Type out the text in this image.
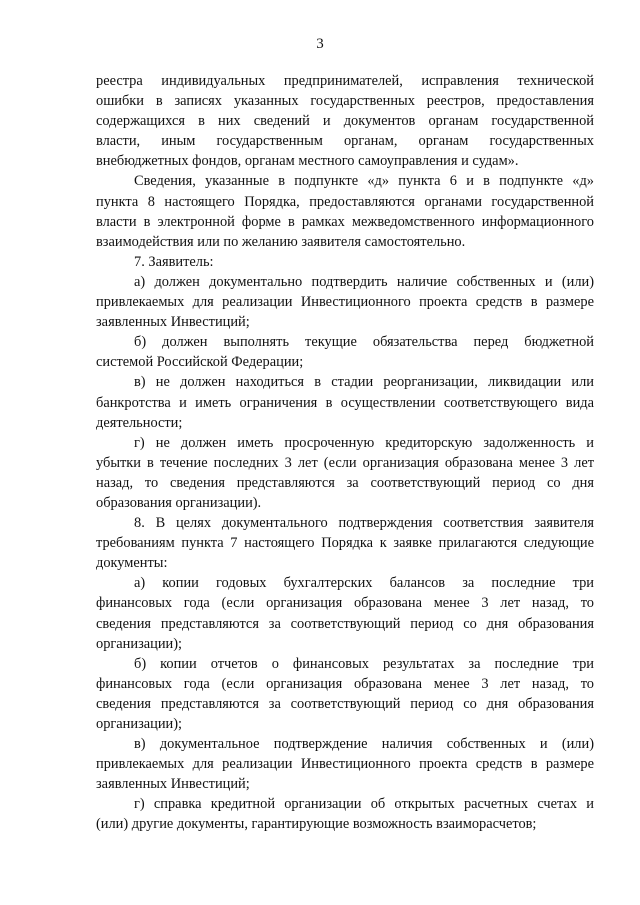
3
реестра индивидуальных предпринимателей, исправления технической
ошибки в записях указанных государственных реестров, предоставления
содержащихся в них сведений и документов органам государственной
власти, иным государственным органам, органам государственных
внебюджетных фондов, органам местного самоуправления и судам».
Сведения, указанные в подпункте «д» пункта 6 и в подпункте «д»
пункта 8 настоящего Порядка, предоставляются органами государственной
власти в электронной форме в рамках межведомственного информационного
взаимодействия или по желанию заявителя самостоятельно.
7. Заявитель:
а) должен документально подтвердить наличие собственных и (или)
привлекаемых для реализации Инвестиционного проекта средств в размере
заявленных Инвестиций;
б) должен выполнять текущие обязательства перед бюджетной
системой Российской Федерации;
в) не должен находиться в стадии реорганизации, ликвидации или
банкротства и иметь ограничения в осуществлении соответствующего вида
деятельности;
г) не должен иметь просроченную кредиторскую задолженность и
убытки в течение последних 3 лет (если организация образована менее 3 лет
назад, то сведения представляются за соответствующий период со дня
образования организации).
8. В целях документального подтверждения соответствия заявителя
требованиям пункта 7 настоящего Порядка к заявке прилагаются следующие
документы:
а) копии годовых бухгалтерских балансов за последние три
финансовых года (если организация образована менее 3 лет назад, то
сведения представляются за соответствующий период со дня образования
организации);
б) копии отчетов о финансовых результатах за последние три
финансовых года (если организация образована менее 3 лет назад, то
сведения представляются за соответствующий период со дня образования
организации);
в) документальное подтверждение наличия собственных и (или)
привлекаемых для реализации Инвестиционного проекта средств в размере
заявленных Инвестиций;
г) справка кредитной организации об открытых расчетных счетах и
(или) другие документы, гарантирующие возможность взаиморасчетов;
